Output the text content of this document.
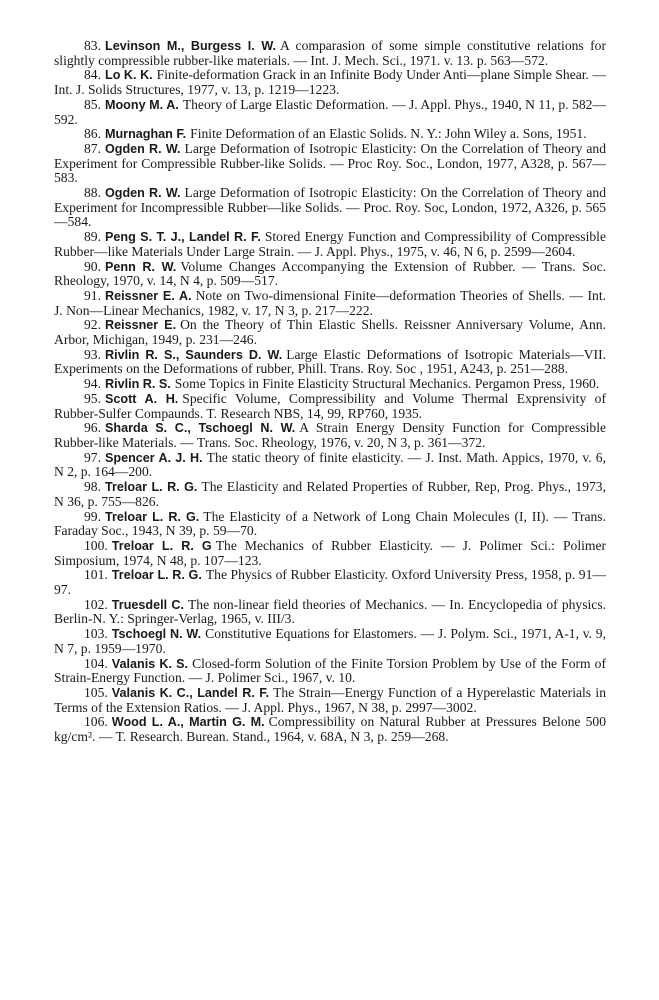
83. Levinson M., Burgess I. W. A comparasion of some simple constitutive relations for slightly compressible rubber-like materials. — Int. J. Mech. Sci., 1971. v. 13. p. 563—572.

84. Lo K. K. Finite-deformation Grack in an Infinite Body Under Anti—plane Simple Shear. — Int. J. Solids Structures, 1977, v. 13, p. 1219—1223.

85. Moony M. A. Theory of Large Elastic Deformation. — J. Appl. Phys., 1940, N 11, p. 582—592.

86. Murnaghan F. Finite Deformation of an Elastic Solids. N. Y.: John Wiley a. Sons, 1951.

87. Ogden R. W. Large Deformation of Isotropic Elasticity: On the Correlation of Theory and Experiment for Compressible Rubber-like Solids. — Proc Roy. Soc., London, 1977, A328, p. 567—583.

88. Ogden R. W. Large Deformation of Isotropic Elasticity: On the Correlation of Theory and Experiment for Incompressible Rubber—like Solids. — Proc. Roy. Soc, London, 1972, A326, p. 565—584.

89. Peng S. T. J., Landel R. F. Stored Energy Function and Compressibility of Compressible Rubber—like Materials Under Large Strain. — J. Appl. Phys., 1975, v. 46, N 6, p. 2599—2604.

90. Penn R. W. Volume Changes Accompanying the Extension of Rubber. — Trans. Soc. Rheology, 1970, v. 14, N 4, p. 509—517.

91. Reissner E. A. Note on Two-dimensional Finite—deformation Theories of Shells. — Int. J. Non—Linear Mechanics, 1982, v. 17, N 3, p. 217—222.

92. Reissner E. On the Theory of Thin Elastic Shells. Reissner Anniversary Volume, Ann. Arbor, Michigan, 1949, p. 231—246.

93. Rivlin R. S., Saunders D. W. Large Elastic Deformations of Isotropic Materials—VII. Experiments on the Deformations of rubber, Phill. Trans. Roy. Soc , 1951, A243, p. 251—288.

94. Rivlin R. S. Some Topics in Finite Elasticity Structural Mechanics. Pergamon Press, 1960.

95. Scott A. H. Specific Volume, Compressibility and Volume Thermal Exprensivity of Rubber-Sulfer Compaunds. T. Research NBS, 14, 99, RP760, 1935.

96. Sharda S. C., Tschoegl N. W. A Strain Energy Density Function for Compressible Rubber-like Materials. — Trans. Soc. Rheology, 1976, v. 20, N 3, p. 361—372.

97. Spencer A. J. H. The static theory of finite elasticity. — J. Inst. Math. Appics, 1970, v. 6, N 2, p. 164—200.

98. Treloar L. R. G. The Elasticity and Related Properties of Rubber, Rep, Prog. Phys., 1973, N 36, p. 755—826.

99. Treloar L. R. G. The Elasticity of a Network of Long Chain Molecules (I, II). — Trans. Faraday Soc., 1943, N 39, p. 59—70.

100. Treloar L. R. G The Mechanics of Rubber Elasticity. — J. Polimer Sci.: Polimer Simposium, 1974, N 48, p. 107—123.

101. Treloar L. R. G. The Physics of Rubber Elasticity. Oxford University Press, 1958, p. 91—97.

102. Truesdell C. The non-linear field theories of Mechanics. — In. Encyclopedia of physics. Berlin-N. Y.: Springer-Verlag, 1965, v. III/3.

103. Tschoegl N. W. Constitutive Equations for Elastomers. — J. Polym. Sci., 1971, A-1, v. 9, N 7, p. 1959—1970.

104. Valanis K. S. Closed-form Solution of the Finite Torsion Problem by Use of the Form of Strain-Energy Function. — J. Polimer Sci., 1967, v. 10.

105. Valanis K. C., Landel R. F. The Strain—Energy Function of a Hyperelastic Materials in Terms of the Extension Ratios. — J. Appl. Phys., 1967, N 38, p. 2997—3002.

106. Wood L. A., Martin G. M. Compressibility on Natural Rubber at Pressures Belone 500 kg/cm². — T. Research. Burean. Stand., 1964, v. 68A, N 3, p. 259—268.
